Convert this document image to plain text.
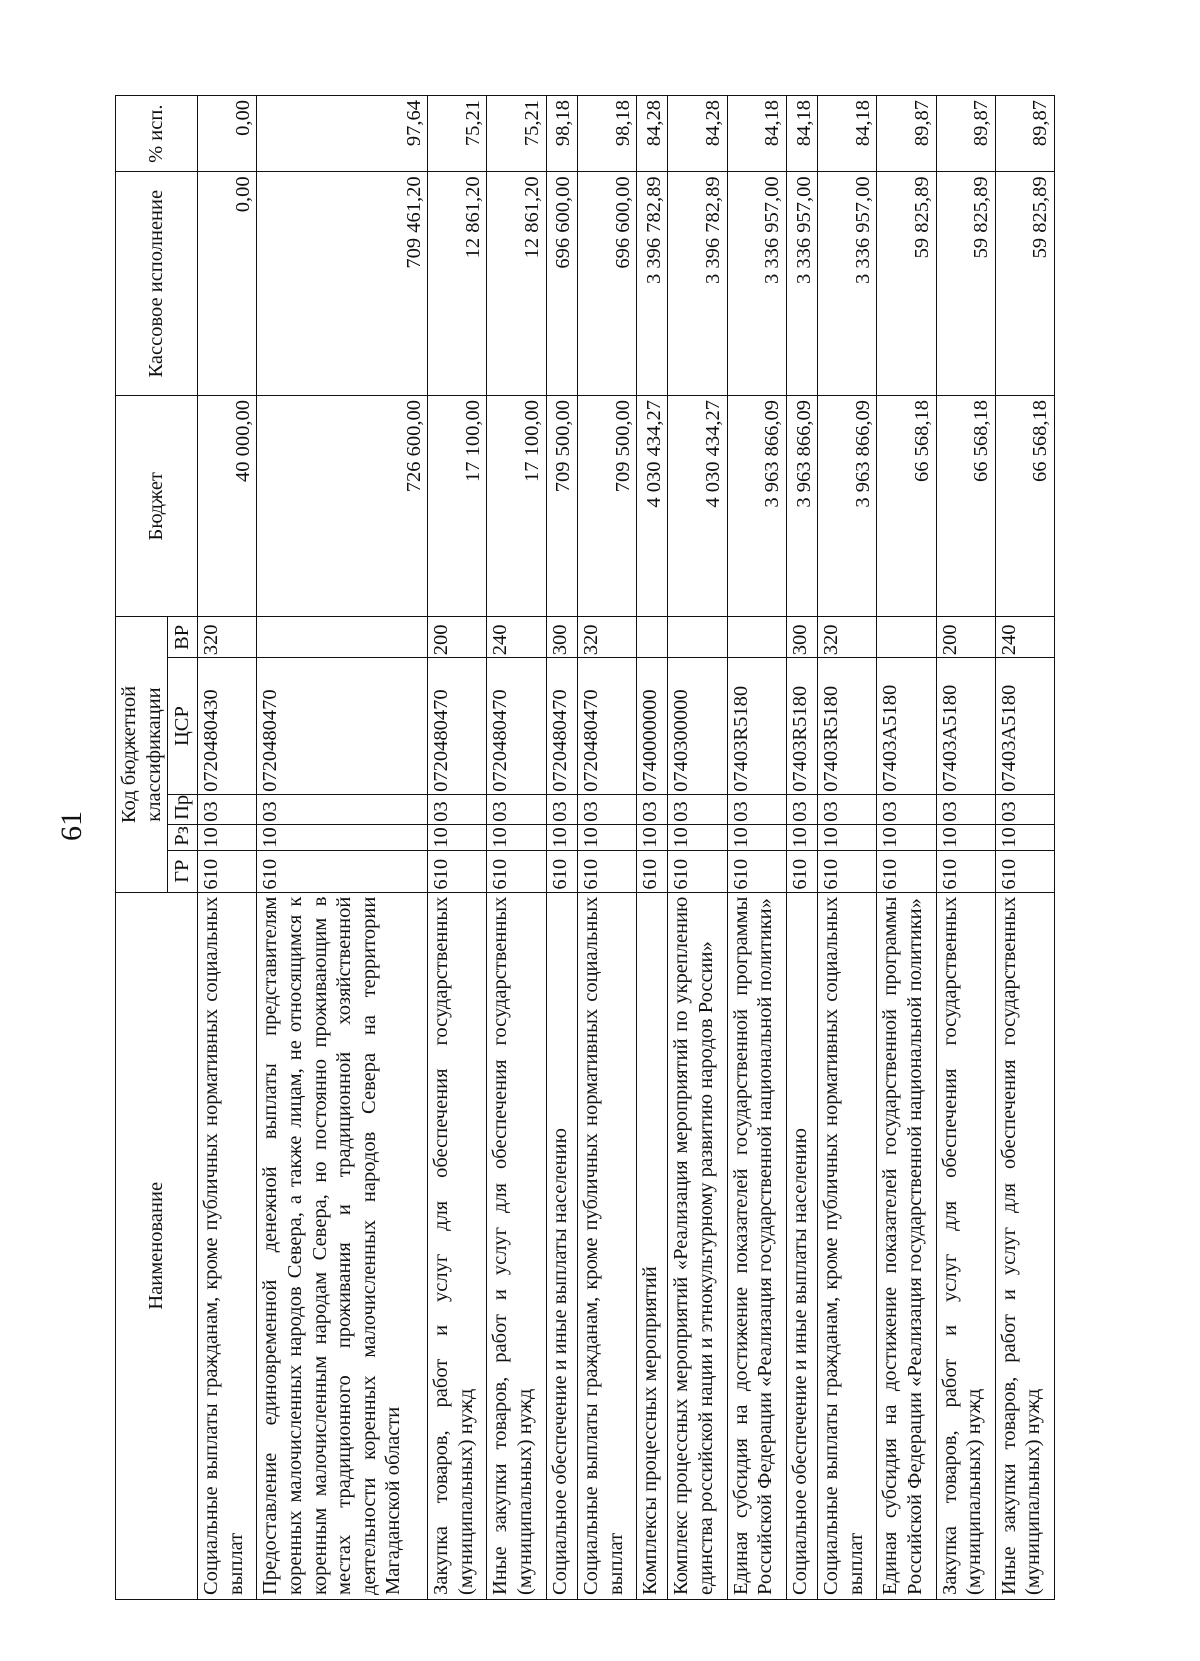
61
Наименование	Код бюджетной классификации					Бюджет	Кассовое исполнение	% исп.
	ГР	Рз	Пр	ЦСР	ВР			
Социальные выплаты гражданам, кроме публичных нормативных социальных выплат	610	10	03	0720480430	320	40 000,00	0,00	0,00
Предоставление единовременной денежной выплаты представителям коренных малочисленных народов Севера, а также лицам, не относящимся к коренным малочисленным народам Севера, но постоянно проживающим в местах традиционного проживания и традиционной хозяйственной деятельности коренных малочисленных народов Севера на территории Магаданской области	610	10	03	0720480470		726 600,00	709 461,20	97,64
Закупка товаров, работ и услуг для обеспечения государственных (муниципальных) нужд	610	10	03	0720480470	200	17 100,00	12 861,20	75,21
Иные закупки товаров, работ и услуг для обеспечения государственных (муниципальных) нужд	610	10	03	0720480470	240	17 100,00	12 861,20	75,21
Социальное обеспечение и иные выплаты населению	610	10	03	0720480470	300	709 500,00	696 600,00	98,18
Социальные выплаты гражданам, кроме публичных нормативных социальных выплат	610	10	03	0720480470	320	709 500,00	696 600,00	98,18
Комплексы процессных мероприятий	610	10	03	0740000000		4 030 434,27	3 396 782,89	84,28
Комплекс процессных мероприятий «Реализация мероприятий по укреплению единства российской нации и этнокультурному развитию народов России»	610	10	03	0740300000		4 030 434,27	3 396 782,89	84,28
Единая субсидия на достижение показателей государственной программы Российской Федерации «Реализация государственной национальной политики»	610	10	03	07403R5180		3 963 866,09	3 336 957,00	84,18
Социальное обеспечение и иные выплаты населению	610	10	03	07403R5180	300	3 963 866,09	3 336 957,00	84,18
Социальные выплаты гражданам, кроме публичных нормативных социальных выплат	610	10	03	07403R5180	320	3 963 866,09	3 336 957,00	84,18
Единая субсидия на достижение показателей государственной программы Российской Федерации «Реализация государственной национальной политики»	610	10	03	07403A5180		66 568,18	59 825,89	89,87
Закупка товаров, работ и услуг для обеспечения государственных (муниципальных) нужд	610	10	03	07403A5180	200	66 568,18	59 825,89	89,87
Иные закупки товаров, работ и услуг для обеспечения государственных (муниципальных) нужд	610	10	03	07403A5180	240	66 568,18	59 825,89	89,87
